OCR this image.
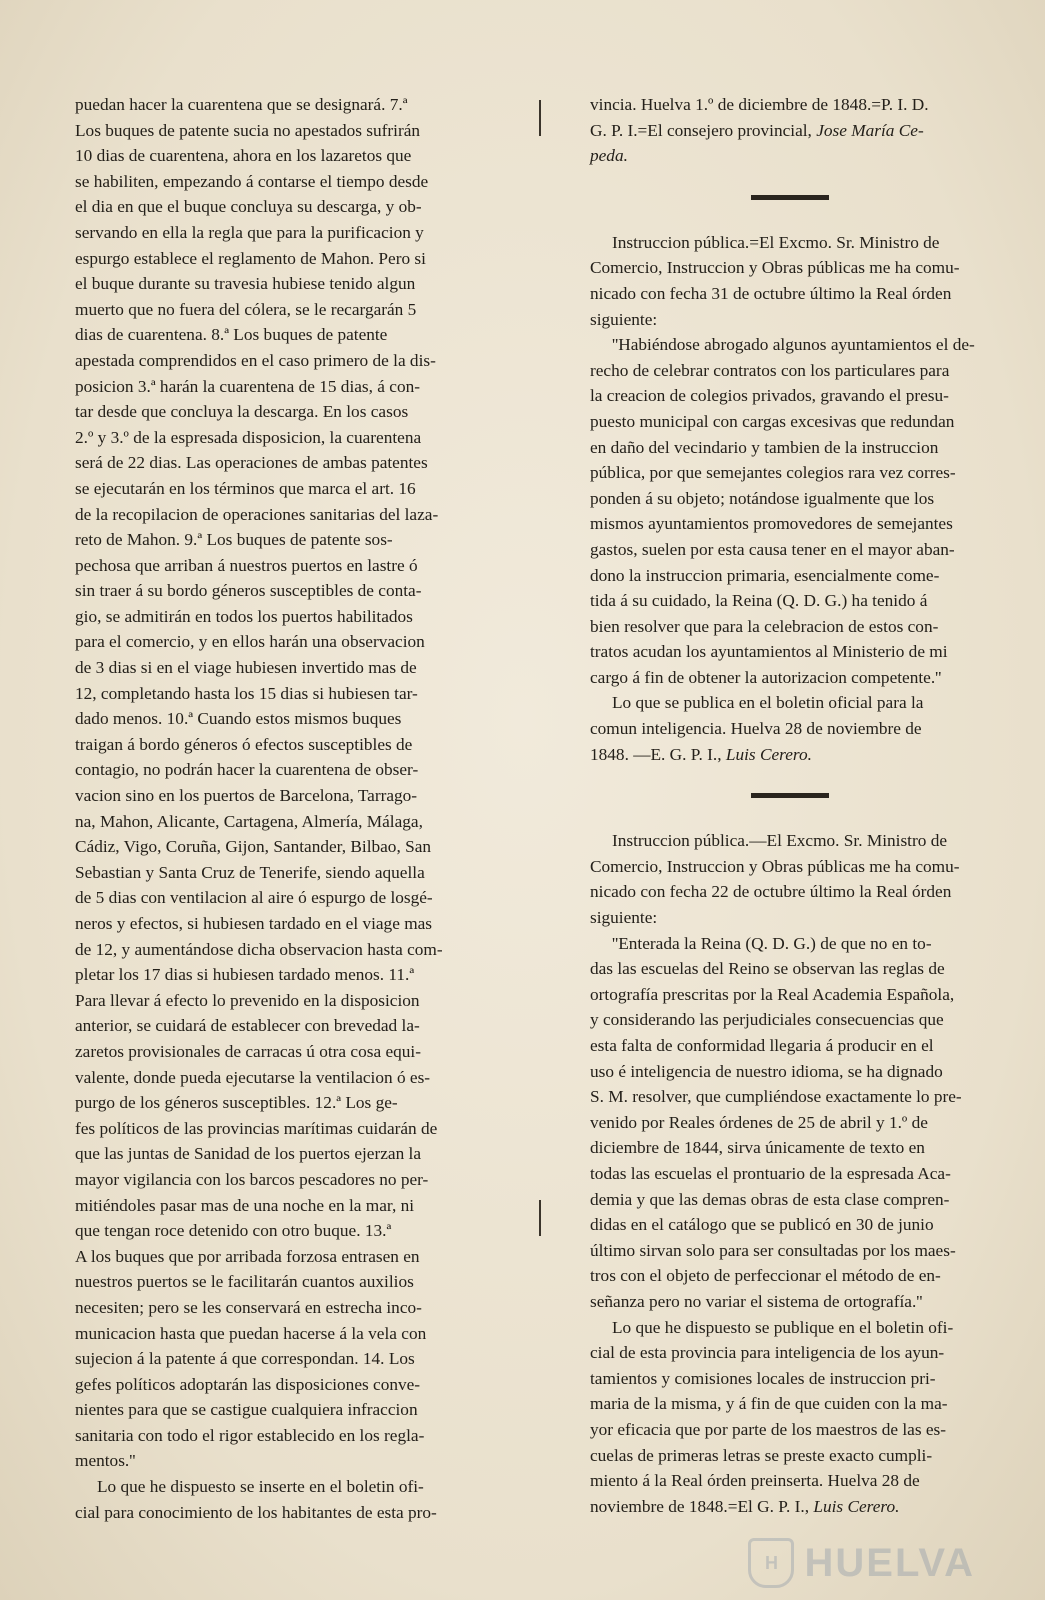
puedan hacer la cuarentena que se designará. 7.ª

Los buques de patente sucia no apestados sufrirán

10 dias de cuarentena, ahora en los lazaretos que

se habiliten, empezando á contarse el tiempo desde

el dia en que el buque concluya su descarga, y ob-

servando en ella la regla que para la purificacion y

espurgo establece el reglamento de Mahon. Pero si

el buque durante su travesia hubiese tenido algun

muerto que no fuera del cólera, se le recargarán 5

dias de cuarentena. 8.ª Los buques de patente

apestada comprendidos en el caso primero de la dis-

posicion 3.ª harán la cuarentena de 15 dias, á con-

tar desde que concluya la descarga. En los casos

2.º y 3.º de la espresada disposicion, la cuarentena

será de 22 dias. Las operaciones de ambas patentes

se ejecutarán en los términos que marca el art. 16

de la recopilacion de operaciones sanitarias del laza-

reto de Mahon. 9.ª Los buques de patente sos-

pechosa que arriban á nuestros puertos en lastre ó

sin traer á su bordo géneros susceptibles de conta-

gio, se admitirán en todos los puertos habilitados

para el comercio, y en ellos harán una observacion

de 3 dias si en el viage hubiesen invertido mas de

12, completando hasta los 15 dias si hubiesen tar-

dado menos. 10.ª Cuando estos mismos buques

traigan á bordo géneros ó efectos susceptibles de

contagio, no podrán hacer la cuarentena de obser-

vacion sino en los puertos de Barcelona, Tarrago-

na, Mahon, Alicante, Cartagena, Almería, Málaga,

Cádiz, Vigo, Coruña, Gijon, Santander, Bilbao, San

Sebastian y Santa Cruz de Tenerife, siendo aquella

de 5 dias con ventilacion al aire ó espurgo de losgé-

neros y efectos, si hubiesen tardado en el viage mas

de 12, y aumentándose dicha observacion hasta com-

pletar los 17 dias si hubiesen tardado menos. 11.ª

Para llevar á efecto lo prevenido en la disposicion

anterior, se cuidará de establecer con brevedad la-

zaretos provisionales de carracas ú otra cosa equi-

valente, donde pueda ejecutarse la ventilacion ó es-

purgo de los géneros susceptibles. 12.ª Los ge-

fes políticos de las provincias marítimas cuidarán de

que las juntas de Sanidad de los puertos ejerzan la

mayor vigilancia con los barcos pescadores no per-

mitiéndoles pasar mas de una noche en la mar, ni

que tengan roce detenido con otro buque. 13.ª

A los buques que por arribada forzosa entrasen en

nuestros puertos se le facilitarán cuantos auxilios

necesiten; pero se les conservará en estrecha inco-

municacion hasta que puedan hacerse á la vela con

sujecion á la patente á que correspondan. 14. Los

gefes políticos adoptarán las disposiciones conve-

nientes para que se castigue cualquiera infraccion

sanitaria con todo el rigor establecido en los regla-

mentos.''

Lo que he dispuesto se inserte en el boletin ofi-

cial para conocimiento de los habitantes de esta pro-

vincia. Huelva 1.º de diciembre de 1848.=P. I. D.

G. P. I.=El consejero provincial, Jose María Ce-

peda.

Instruccion pública.=El Excmo. Sr. Ministro de

Comercio, Instruccion y Obras públicas me ha comu-

nicado con fecha 31 de octubre último la Real órden

siguiente:

''Habiéndose abrogado algunos ayuntamientos el de-

recho de celebrar contratos con los particulares para

la creacion de colegios privados, gravando el presu-

puesto municipal con cargas excesivas que redundan

en daño del vecindario y tambien de la instruccion

pública, por que semejantes colegios rara vez corres-

ponden á su objeto; notándose igualmente que los

mismos ayuntamientos promovedores de semejantes

gastos, suelen por esta causa tener en el mayor aban-

dono la instruccion primaria, esencialmente come-

tida á su cuidado, la Reina (Q. D. G.) ha tenido á

bien resolver que para la celebracion de estos con-

tratos acudan los ayuntamientos al Ministerio de mi

cargo á fin de obtener la autorizacion competente.''

Lo que se publica en el boletin oficial para la

comun inteligencia. Huelva 28 de noviembre de

1848. —E. G. P. I., Luis Cerero.

Instruccion pública.—El Excmo. Sr. Ministro de

Comercio, Instruccion y Obras públicas me ha comu-

nicado con fecha 22 de octubre último la Real órden

siguiente:

''Enterada la Reina (Q. D. G.) de que no en to-

das las escuelas del Reino se observan las reglas de

ortografía prescritas por la Real Academia Española,

y considerando las perjudiciales consecuencias que

esta falta de conformidad llegaria á producir en el

uso é inteligencia de nuestro idioma, se ha dignado

S. M. resolver, que cumpliéndose exactamente lo pre-

venido por Reales órdenes de 25 de abril y 1.º de

diciembre de 1844, sirva únicamente de texto en

todas las escuelas el prontuario de la espresada Aca-

demia y que las demas obras de esta clase compren-

didas en el catálogo que se publicó en 30 de junio

último sirvan solo para ser consultadas por los maes-

tros con el objeto de perfeccionar el método de en-

señanza pero no variar el sistema de ortografía.''

Lo que he dispuesto se publique en el boletin ofi-

cial de esta provincia para inteligencia de los ayun-

tamientos y comisiones locales de instruccion pri-

maria de la misma, y á fin de que cuiden con la ma-

yor eficacia que por parte de los maestros de las es-

cuelas de primeras letras se preste exacto cumpli-

miento á la Real órden preinserta. Huelva 28 de

noviembre de 1848.=El G. P. I., Luis Cerero.

H HUELVA
